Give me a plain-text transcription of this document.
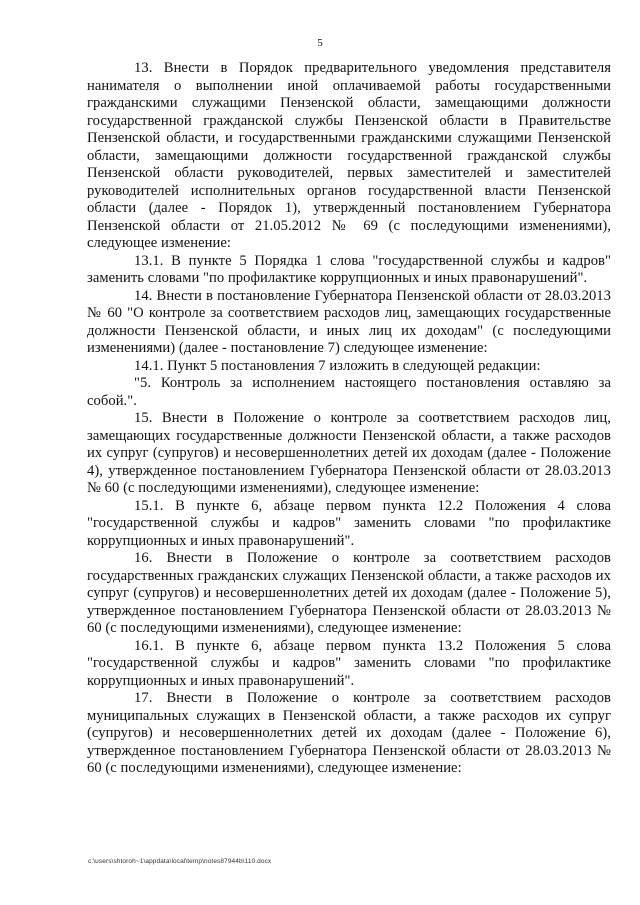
5

13. Внести в Порядок предварительного уведомления представителя нанимателя о выполнении иной оплачиваемой работы государственными гражданскими служащими Пензенской области, замещающими должности государственной гражданской службы Пензенской области в Правительстве Пензенской области, и государственными гражданскими служащими Пензенской области, замещающими должности государственной гражданской службы Пензенской области руководителей, первых заместителей и заместителей руководителей исполнительных органов государственной власти Пензенской области (далее - Порядок 1), утвержденный постановлением Губернатора Пензенской области от 21.05.2012 № 69 (с последующими изменениями), следующее изменение:

13.1. В пункте 5 Порядка 1 слова "государственной службы и кадров" заменить словами "по профилактике коррупционных и иных правонарушений".

14. Внести в постановление Губернатора Пензенской области от 28.03.2013 № 60 "О контроле за соответствием расходов лиц, замещающих государственные должности Пензенской области, и иных лиц их доходам" (с последующими изменениями) (далее - постановление 7) следующее изменение:

14.1. Пункт 5 постановления 7 изложить в следующей редакции:

"5. Контроль за исполнением настоящего постановления оставляю за собой.".

15. Внести в Положение о контроле за соответствием расходов лиц, замещающих государственные должности Пензенской области, а также расходов их супруг (супругов) и несовершеннолетних детей их доходам (далее - Положение 4), утвержденное постановлением Губернатора Пензенской области от 28.03.2013 № 60 (с последующими изменениями), следующее изменение:

15.1. В пункте 6, абзаце первом пункта 12.2 Положения 4 слова "государственной службы и кадров" заменить словами "по профилактике коррупционных и иных правонарушений".

16. Внести в Положение о контроле за соответствием расходов государственных гражданских служащих Пензенской области, а также расходов их супруг (супругов) и несовершеннолетних детей их доходам (далее - Положение 5), утвержденное постановлением Губернатора Пензенской области от 28.03.2013 № 60 (с последующими изменениями), следующее изменение:

16.1. В пункте 6, абзаце первом пункта 13.2 Положения 5 слова "государственной службы и кадров" заменить словами "по профилактике коррупционных и иных правонарушений".

17. Внести в Положение о контроле за соответствием расходов муниципальных служащих в Пензенской области, а также расходов их супруг (супругов) и несовершеннолетних детей их доходам (далее - Положение 6), утвержденное постановлением Губернатора Пензенской области от 28.03.2013 № 60 (с последующими изменениями), следующее изменение:

c:\users\shtoroh~1\appdata\local\temp\notes87944b\110.docx
